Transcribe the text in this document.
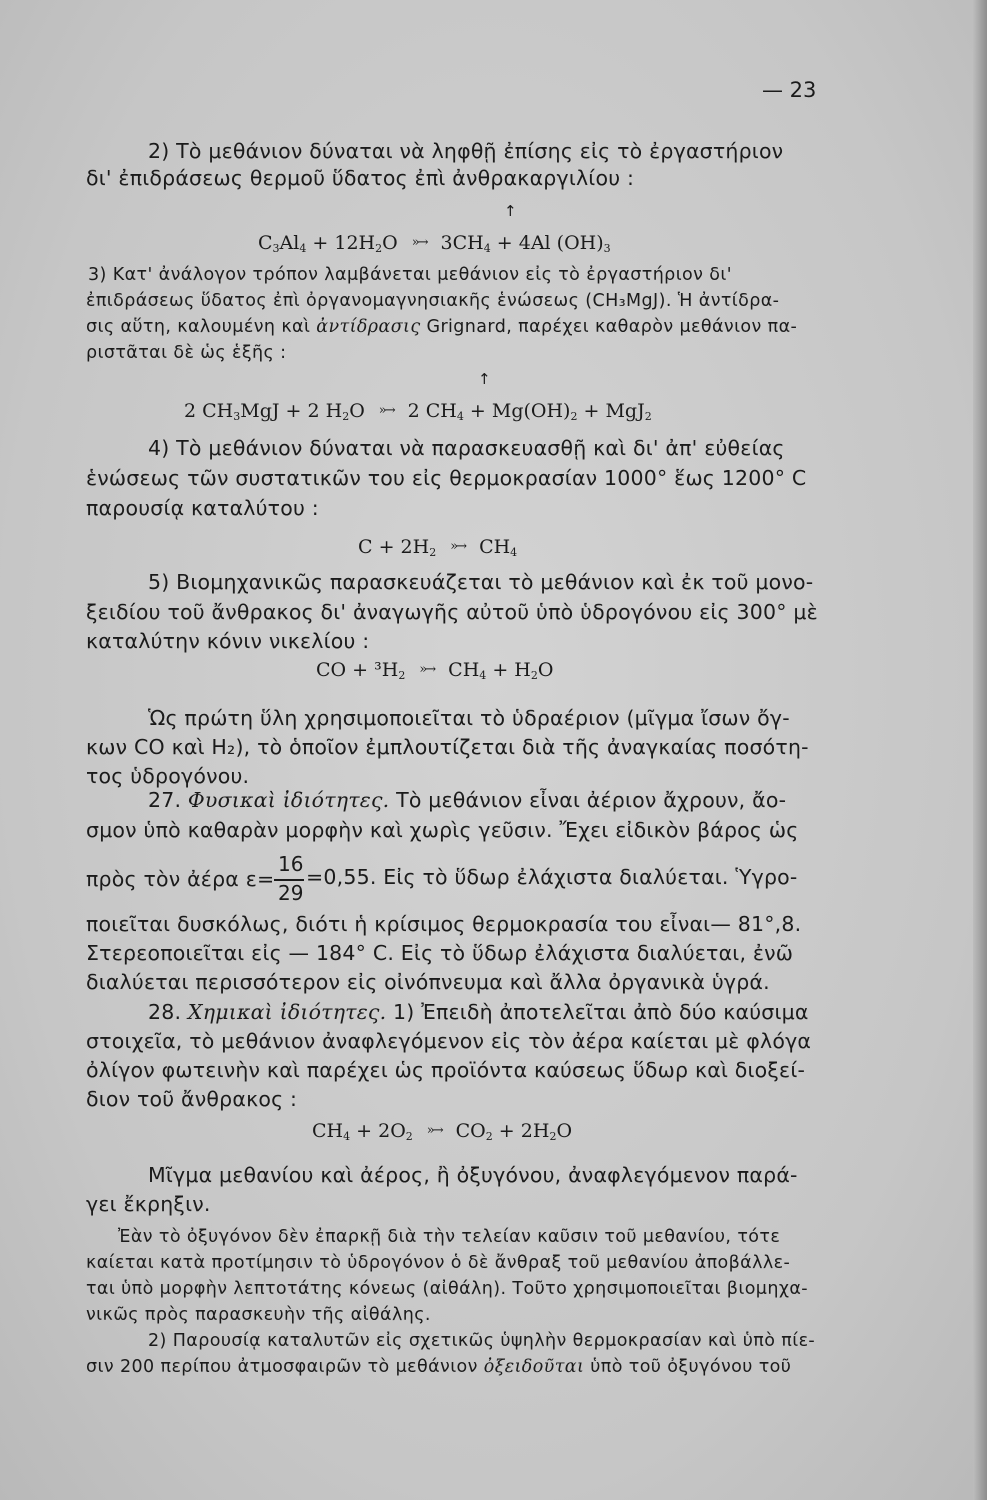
— 23
2) Τὸ μεθάνιον δύναται νὰ ληφθῇ ἐπίσης εἰς τὸ ἐργαστήριον
δι' ἐπιδράσεως θερμοῦ ὕδατος ἐπὶ ἀνθρακαργιλίου :
↑
$C_3Al_4 + 12H_2O$ »→ $3CH_4 + 4Al$ $(OH)_3$
3) Κατ' ἀνάλογον τρόπον λαμβάνεται μεθάνιον εἰς τὸ ἐργαστήριον δι'
ἐπιδράσεως ὕδατος ἐπὶ ὀργανομαγνησιακῆς ἑνώσεως (CH₃MgJ). Ἡ ἀντίδρα-
σις αὕτη, καλουμένη καὶ ἀντίδρασις Grignard, παρέχει καθαρὸν μεθάνιον πα-
ριστᾶται δὲ ὡς ἑξῆς :
↑
2 $CH_3MgJ + 2$ $H_2O$ »→ 2 $CH_4 + Mg(OH)_2 + MgJ_2$
4) Τὸ μεθάνιον δύναται νὰ παρασκευασθῇ καὶ δι' ἀπ' εὐθείας
ἑνώσεως τῶν συστατικῶν του εἰς θερμοκρασίαν 1000° ἕως 1200° C
παρουσίᾳ καταλύτου :
$C + 2H_2$ »→ $CH_4$
5) Βιομηχανικῶς παρασκευάζεται τὸ μεθάνιον καὶ ἐκ τοῦ μονο-
ξειδίου τοῦ ἄνθρακος δι' ἀναγωγῆς αὐτοῦ ὑπὸ ὑδρογόνου εἰς 300° μὲ
καταλύτην κόνιν νικελίου :
CO + $^3H_2$ »→ $CH_4 + H_2O$
Ὡς πρώτη ὕλη χρησιμοποιεῖται τὸ ὑδραέριον (μῖγμα ἴσων ὄγ-
κων CO καὶ H₂), τὸ ὁποῖον ἐμπλουτίζεται διὰ τῆς ἀναγκαίας ποσότη-
τος ὑδρογόνου.
27. Φυσικαὶ ἰδιότητες. Τὸ μεθάνιον εἶναι ἀέριον ἄχρουν, ἄο-
σμον ὑπὸ καθαρὰν μορφὴν καὶ χωρὶς γεῦσιν. Ἔχει εἰδικὸν βάρος ὡς
πρὸς τὸν ἀέρα ε=
16
29
=0,55. Εἰς τὸ ὕδωρ ἐλάχιστα διαλύεται. Ὑγρο-
ποιεῖται δυσκόλως, διότι ἡ κρίσιμος θερμοκρασία του εἶναι— 81°,8.
Στερεοποιεῖται εἰς — 184° C. Εἰς τὸ ὕδωρ ἐλάχιστα διαλύεται, ἐνῶ
διαλύεται περισσότερον εἰς οἰνόπνευμα καὶ ἄλλα ὀργανικὰ ὑγρά.
28. Χημικαὶ ἰδιότητες. 1) Ἐπειδὴ ἀποτελεῖται ἀπὸ δύο καύσιμα
στοιχεῖα, τὸ μεθάνιον ἀναφλεγόμενον εἰς τὸν ἀέρα καίεται μὲ φλόγα
ὀλίγον φωτεινὴν καὶ παρέχει ὡς προϊόντα καύσεως ὕδωρ καὶ διοξεί-
διον τοῦ ἄνθρακος :
$CH_4 + 2O_2$ »→ $CO_2 + 2H_2O$
Μῖγμα μεθανίου καὶ ἀέρος, ἢ ὀξυγόνου, ἀναφλεγόμενον παρά-
γει ἔκρηξιν.
Ἐὰν τὸ ὀξυγόνον δὲν ἐπαρκῇ διὰ τὴν τελείαν καῦσιν τοῦ μεθανίου, τότε
καίεται κατὰ προτίμησιν τὸ ὑδρογόνον ὁ δὲ ἄνθραξ τοῦ μεθανίου ἀποβάλλε-
ται ὑπὸ μορφὴν λεπτοτάτης κόνεως (αἰθάλη). Τοῦτο χρησιμοποιεῖται βιομηχα-
νικῶς πρὸς παρασκευὴν τῆς αἰθάλης.
2) Παρουσίᾳ καταλυτῶν εἰς σχετικῶς ὑψηλὴν θερμοκρασίαν καὶ ὑπὸ πίε-
σιν 200 περίπου ἀτμοσφαιρῶν τὸ μεθάνιον ὀξειδοῦται ὑπὸ τοῦ ὀξυγόνου τοῦ
